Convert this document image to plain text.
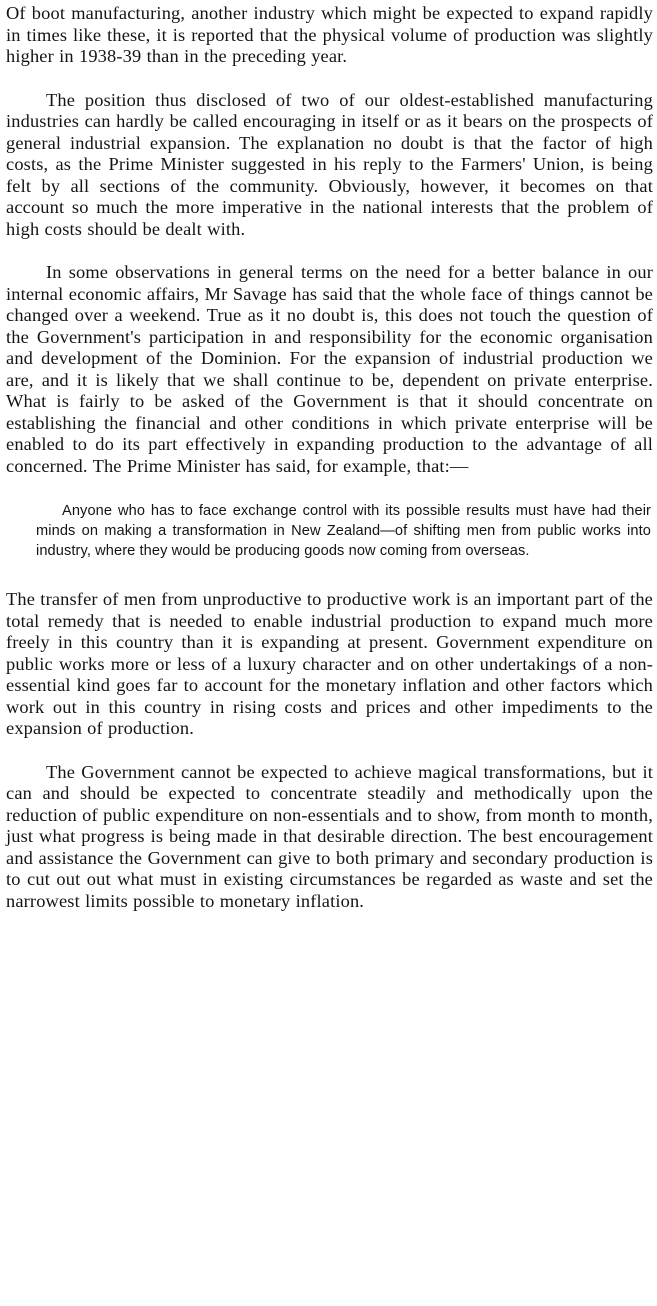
Of boot manufacturing, another industry which might be expected to expand rapidly in times like these, it is reported that the physical volume of production was slightly higher in 1938-39 than in the preceding year.

The position thus disclosed of two of our oldest-established manufacturing industries can hardly be called encouraging in itself or as it bears on the prospects of general industrial expansion. The explanation no doubt is that the factor of high costs, as the Prime Minister suggested in his reply to the Farmers' Union, is being felt by all sections of the community. Obviously, however, it becomes on that account so much the more imperative in the national interests that the problem of high costs should be dealt with.

In some observations in general terms on the need for a better balance in our internal economic affairs, Mr Savage has said that the whole face of things cannot be changed over a weekend. True as it no doubt is, this does not touch the question of the Government's participation in and responsibility for the economic organisation and development of the Dominion. For the expansion of industrial production we are, and it is likely that we shall continue to be, dependent on private enterprise. What is fairly to be asked of the Government is that it should concentrate on establishing the financial and other conditions in which private enterprise will be enabled to do its part effectively in expanding production to the advantage of all concerned. The Prime Minister has said, for example, that:—

Anyone who has to face exchange control with its possible results must have had their minds on making a transformation in New Zealand—of shifting men from public works into industry, where they would be producing goods now coming from overseas.

The transfer of men from unproductive to productive work is an important part of the total remedy that is needed to enable industrial production to expand much more freely in this country than it is expanding at present. Government expenditure on public works more or less of a luxury character and on other undertakings of a non-essential kind goes far to account for the monetary inflation and other factors which work out in this country in rising costs and prices and other impediments to the expansion of production.

The Government cannot be expected to achieve magical transformations, but it can and should be expected to concentrate steadily and methodically upon the reduction of public expenditure on non-essentials and to show, from month to month, just what progress is being made in that desirable direction. The best encouragement and assistance the Government can give to both primary and secondary production is to cut out out what must in existing circumstances be regarded as waste and set the narrowest limits possible to monetary inflation.
